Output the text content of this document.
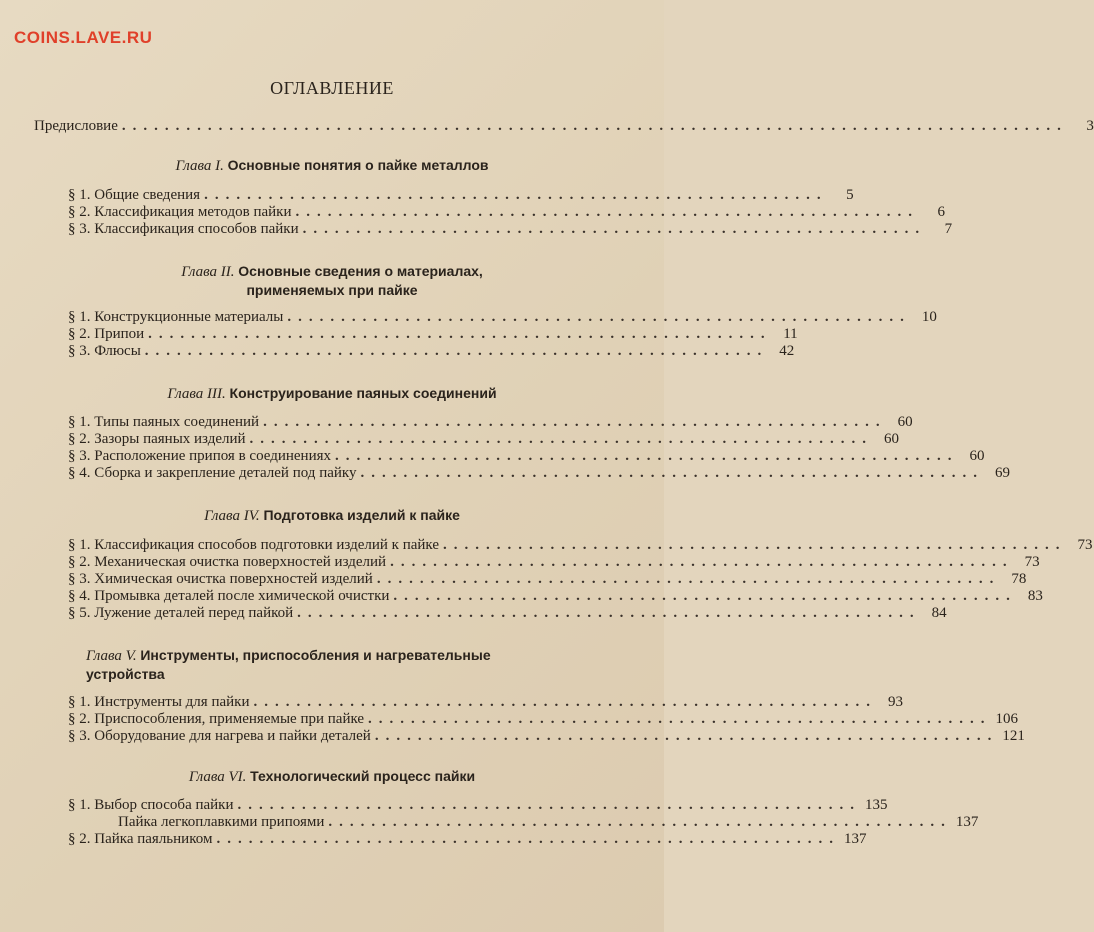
COINS.LAVE.RU
ОГЛАВЛЕНИЕ
Предисловие ........................................................................................	3
Глава I. Основные понятия о пайке металлов
§ 1. Общие сведения ..........................................................	5
§ 2. Классификация методов пайки ..........................................................	6
§ 3. Классификация способов пайки ..........................................................	7
Глава II. Основные сведения о материалах,
применяемых при пайке
§ 1. Конструкционные материалы .......................................................... 10
§ 2. Припои .......................................................... 11
§ 3. Флюсы .......................................................... 42
Глава III. Конструирование паяных соединений
§ 1. Типы паяных соединений .......................................................... 60
§ 2. Зазоры паяных изделий .......................................................... 60
§ 3. Расположение припоя в соединениях .......................................................... 60
§ 4. Сборка и закрепление деталей под пайку .......................................................... 69
Глава IV. Подготовка изделий к пайке
§ 1. Классификация способов подготовки изделий к пайке .......................................................... 73
§ 2. Механическая очистка поверхностей изделий .......................................................... 73
§ 3. Химическая очистка поверхностей изделий .......................................................... 78
§ 4. Промывка деталей после химической очистки .......................................................... 83
§ 5. Лужение деталей перед пайкой .......................................................... 84
Глава V. Инструменты, приспособления и нагревательные
устройства
§ 1. Инструменты для пайки .......................................................... 93
§ 2. Приспособления, применяемые при пайке .......................................................... 106
§ 3. Оборудование для нагрева и пайки деталей .......................................................... 121
Глава VI. Технологический процесс пайки
§ 1. Выбор способа пайки .......................................................... 135
Пайка легкоплавкими припоями .......................................................... 137
§ 2. Пайка паяльником .......................................................... 137
